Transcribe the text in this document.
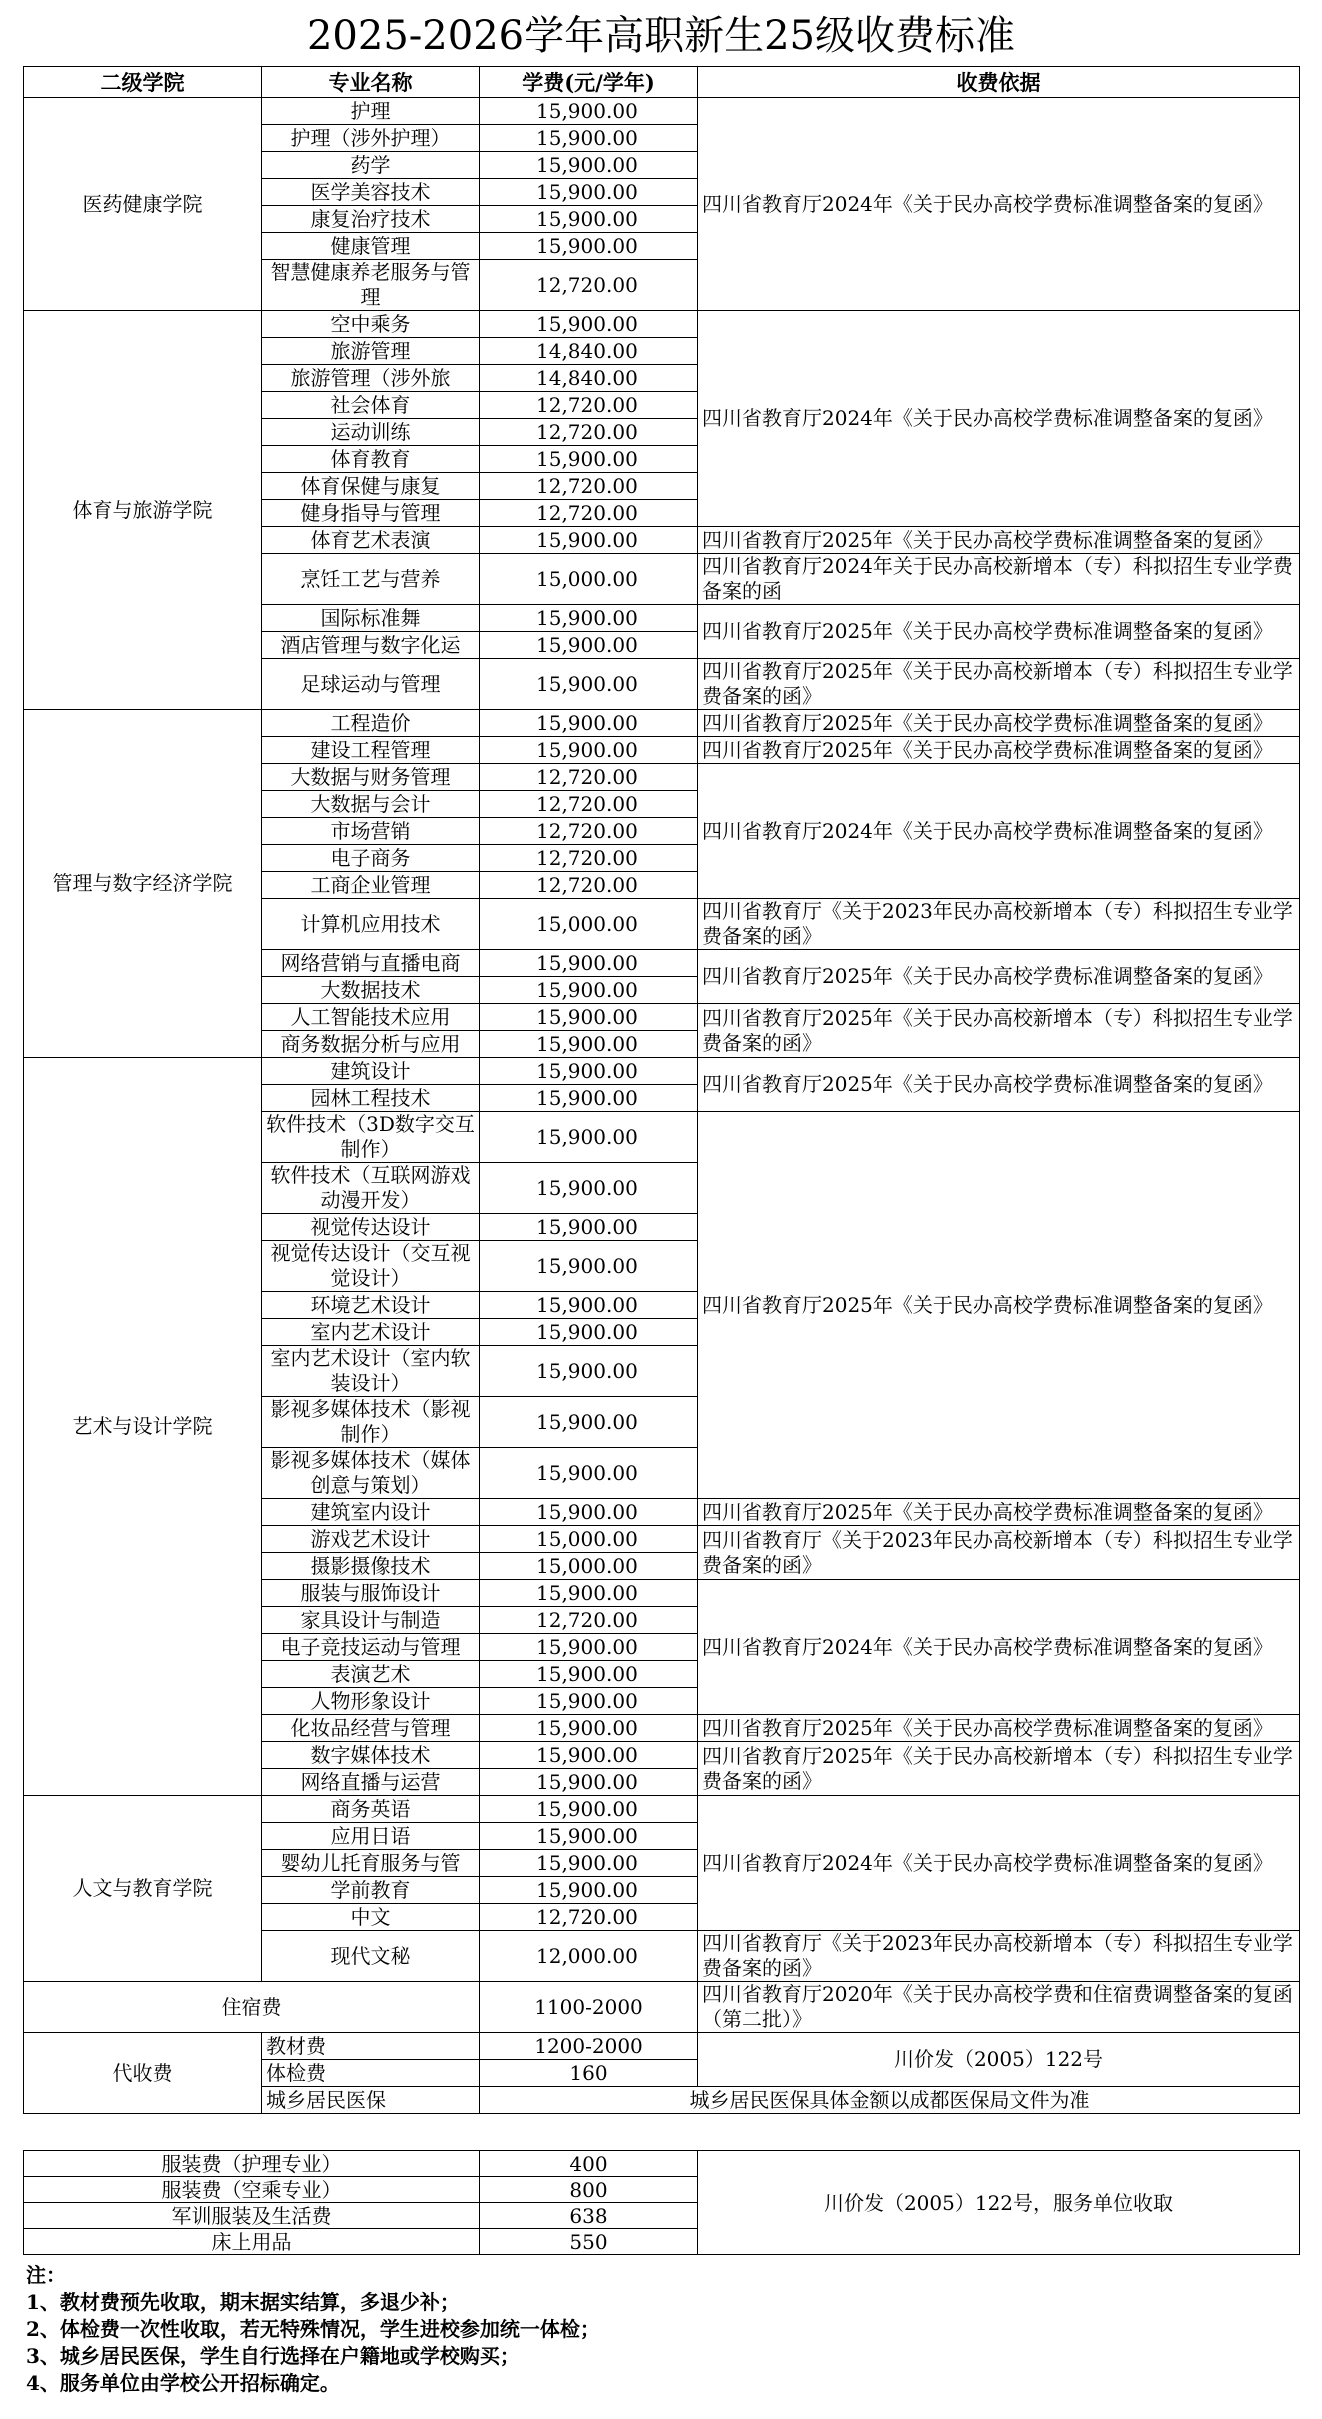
2025-2026学年高职新生25级收费标准
二级学院	专业名称	学费(元/学年)	收费依据
医药健康学院	护理	15,900.00	四川省教育厅2024年《关于民办高校学费标准调整备案的复函》
	护理（涉外护理）	15,900.00	
	药学	15,900.00	
	医学美容技术	15,900.00	
	康复治疗技术	15,900.00	
	健康管理	15,900.00	
	智慧健康养老服务与管理	12,720.00	
体育与旅游学院	空中乘务	15,900.00	四川省教育厅2024年《关于民办高校学费标准调整备案的复函》
	旅游管理	14,840.00	
	旅游管理（涉外旅	14,840.00	
	社会体育	12,720.00	
	运动训练	12,720.00	
	体育教育	15,900.00	
	体育保健与康复	12,720.00	
	健身指导与管理	12,720.00	
	体育艺术表演	15,900.00	四川省教育厅2025年《关于民办高校学费标准调整备案的复函》
	烹饪工艺与营养	15,000.00	四川省教育厅2024年关于民办高校新增本（专）科拟招生专业学费备案的函
	国际标准舞	15,900.00	四川省教育厅2025年《关于民办高校学费标准调整备案的复函》
	酒店管理与数字化运	15,900.00	
	足球运动与管理	15,900.00	四川省教育厅2025年《关于民办高校新增本（专）科拟招生专业学费备案的函》
管理与数字经济学院	工程造价	15,900.00	四川省教育厅2025年《关于民办高校学费标准调整备案的复函》
	建设工程管理	15,900.00	四川省教育厅2025年《关于民办高校学费标准调整备案的复函》
	大数据与财务管理	12,720.00	四川省教育厅2024年《关于民办高校学费标准调整备案的复函》
	大数据与会计	12,720.00	
	市场营销	12,720.00	
	电子商务	12,720.00	
	工商企业管理	12,720.00	
	计算机应用技术	15,000.00	四川省教育厅《关于2023年民办高校新增本（专）科拟招生专业学费备案的函》
	网络营销与直播电商	15,900.00	四川省教育厅2025年《关于民办高校学费标准调整备案的复函》
	大数据技术	15,900.00	
	人工智能技术应用	15,900.00	四川省教育厅2025年《关于民办高校新增本（专）科拟招生专业学费备案的函》
	商务数据分析与应用	15,900.00	
艺术与设计学院	建筑设计	15,900.00	四川省教育厅2025年《关于民办高校学费标准调整备案的复函》
	园林工程技术	15,900.00	
	软件技术（3D数字交互制作）	15,900.00	四川省教育厅2025年《关于民办高校学费标准调整备案的复函》
	软件技术（互联网游戏动漫开发）	15,900.00	
	视觉传达设计	15,900.00	
	视觉传达设计（交互视觉设计）	15,900.00	
	环境艺术设计	15,900.00	
	室内艺术设计	15,900.00	
	室内艺术设计（室内软装设计）	15,900.00	
	影视多媒体技术（影视制作）	15,900.00	
	影视多媒体技术（媒体创意与策划）	15,900.00	
	建筑室内设计	15,900.00	四川省教育厅2025年《关于民办高校学费标准调整备案的复函》
	游戏艺术设计	15,000.00	四川省教育厅《关于2023年民办高校新增本（专）科拟招生专业学费备案的函》
	摄影摄像技术	15,000.00	
	服装与服饰设计	15,900.00	四川省教育厅2024年《关于民办高校学费标准调整备案的复函》
	家具设计与制造	12,720.00	
	电子竞技运动与管理	15,900.00	
	表演艺术	15,900.00	
	人物形象设计	15,900.00	
	化妆品经营与管理	15,900.00	四川省教育厅2025年《关于民办高校学费标准调整备案的复函》
	数字媒体技术	15,900.00	四川省教育厅2025年《关于民办高校新增本（专）科拟招生专业学费备案的函》
	网络直播与运营	15,900.00	
人文与教育学院	商务英语	15,900.00	四川省教育厅2024年《关于民办高校学费标准调整备案的复函》
	应用日语	15,900.00	
	婴幼儿托育服务与管	15,900.00	
	学前教育	15,900.00	
	中文	12,720.00	
	现代文秘	12,000.00	四川省教育厅《关于2023年民办高校新增本（专）科拟招生专业学费备案的函》
住宿费		1100-2000	四川省教育厅2020年《关于民办高校学费和住宿费调整备案的复函（第二批）》
代收费	教材费	1200-2000	川价发（2005）122号
	体检费	160	
	城乡居民医保	城乡居民医保具体金额以成都医保局文件为准	
服装费（护理专业）	400	川价发（2005）122号，服务单位收取
服装费（空乘专业）	800	
军训服装及生活费	638	
床上用品	550	
注：
1、教材费预先收取，期末据实结算，多退少补；
2、体检费一次性收取，若无特殊情况，学生进校参加统一体检；
3、城乡居民医保，学生自行选择在户籍地或学校购买；
4、服务单位由学校公开招标确定。
